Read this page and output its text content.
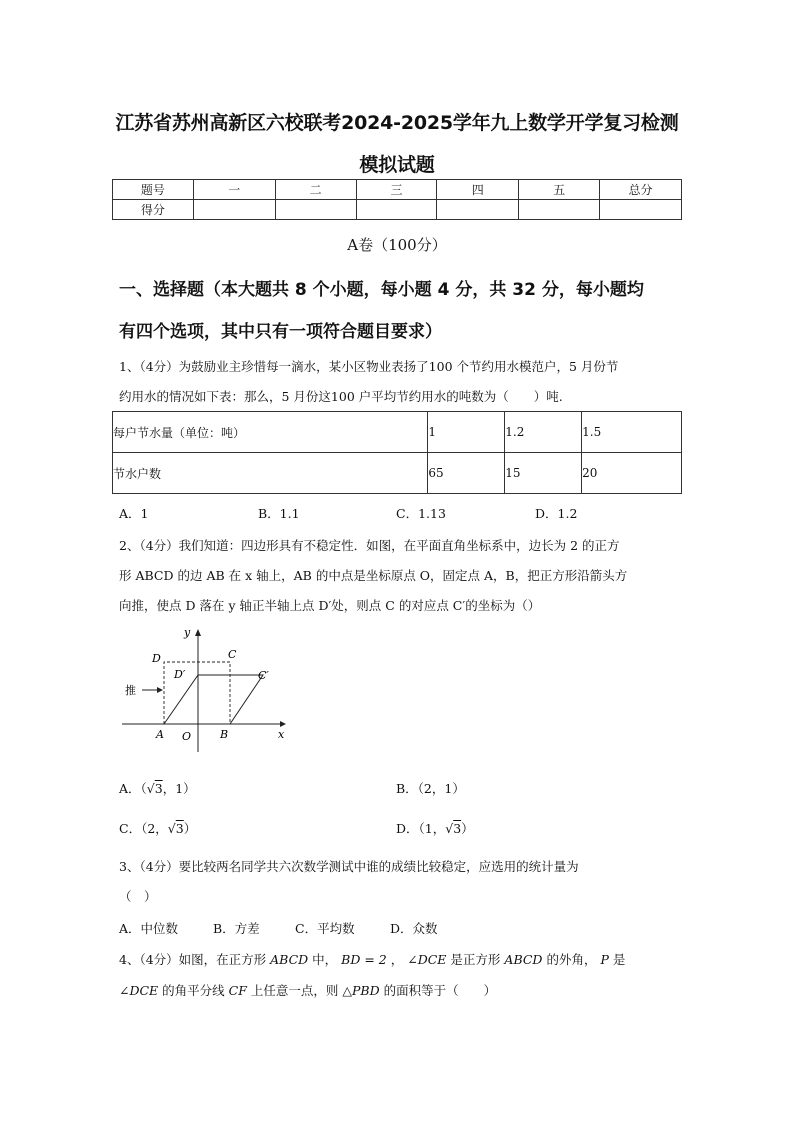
江苏省苏州高新区六校联考2024-2025学年九上数学开学复习检测
模拟试题
题号	一	二	三	四	五	总分
得分						
A卷（100分）
一、选择题（本大题共 8 个小题，每小题 4 分，共 32 分，每小题均
有四个选项，其中只有一项符合题目要求）
1、（4分）为鼓励业主珍惜每一滴水，某小区物业表扬了100 个节约用水模范户，5 月份节
约用水的情况如下表：那么，5 月份这100 户平均节约用水的吨数为（　　）吨.
每户节水量（单位：吨）	1	1.2	1.5
节水户数	65	15	20
A．1	B．1.1	C．1.13	D．1.2
2、（4分）我们知道：四边形具有不稳定性．如图，在平面直角坐标系中，边长为 2 的正方
形 ABCD 的边 AB 在 x 轴上，AB 的中点是坐标原点 O，固定点 A，B，把正方形沿箭头方
向推，使点 D 落在 y 轴正半轴上点 D′处，则点 C 的对应点 C′的坐标为（）
y
x
D	C
D′	C′
A O	B
推
A．（√3，1）	B．（2，1）
C．（2，√3）	D．（1，√3）
3、（4分）要比较两名同学共六次数学测试中谁的成绩比较稳定，应选用的统计量为
（　）
A．中位数	B．方差	C．平均数	D．众数
4、（4分）如图，在正方形 ABCD 中， BD = 2 ， ∠DCE 是正方形 ABCD 的外角， P 是
∠DCE 的角平分线 CF 上任意一点，则 △PBD 的面积等于（　　）
